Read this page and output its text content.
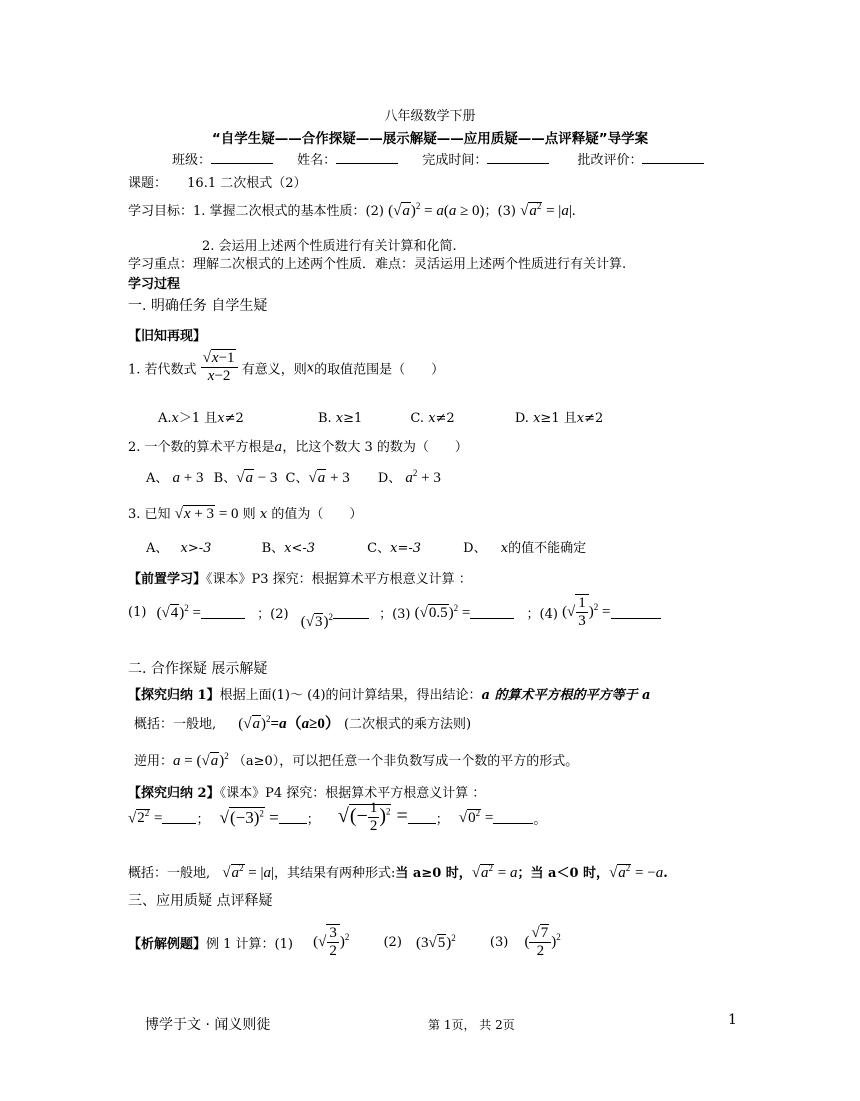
八年级数学下册
“自学生疑——合作探疑——展示解疑——应用质疑——点评释疑”导学案
班级：	姓名：	完成时间：	批改评价：
课题： 16.1 二次根式（2）
学习目标：1. 掌握二次根式的基本性质：(2) $(√a)^2 = a(a \ge 0)$；(3) $√a^2 = |a|$.
2. 会运用上述两个性质进行有关计算和化简.
学习重点：理解二次根式的上述两个性质．难点：灵活运用上述两个性质进行有关计算.
学习过程
一. 明确任务 自学生疑
【旧知再现】
1. 若代数式 $\frac{√x-1}{x-2}$ 有意义，则x的取值范围是（　　）
A.x＞1 且x≠2	B. x≥1	C. x≠2	D. x≥1 且x≠2
2. 一个数的算术平方根是a，比这个数大 3 的数为（　　）
A、 a + 3 B、√a − 3 C、√a + 3 D、 $a^2 + 3$
3. 已知 √x + 3 = 0 则 x 的值为（　　）
A、 x>-3	B、x<-3	C、x=-3	D、 x的值不能确定
【前置学习】《课本》P3 探究：根据算术平方根意义计算 ：
(1) $(√4)^2$ =	；(2) $(√3)^2$	；(3) $(√0.5)^2$ =	；(4) (√ $\frac{1}{3} )^2$ =
二. 合作探疑 展示解疑
【探究归纳 1】根据上面(1)～ (4)的问计算结果，得出结论：a 的算术平方根的平方等于 a
概括：一般地, $(√a)^2=a(a\ge 0)$ (二次根式的乘方法则)
逆用：$a = (√a)^2$ （a≥0），可以把任意一个非负数写成一个数的平方的形式。
【探究归纳 2】《课本》P4 探究：根据算术平方根意义计算 ：
$√2^2$ =	； $√(-3)^2$ = ； √(− $\frac{1}{2} )^2$ = ； $√0^2$ =	。
概括：一般地, $√a^2 = |a|$，其结果有两种形式:当 a≥0 时，$√a^2 = a$；当 a＜0 时，$√a^2 = -a$.
三、应用质疑 点评释疑
【析解例题】例 1 计算：(1) (√ $\frac{3}{2} )^2$	(2) $(3√5)^2$	(3) ( $\frac{√7}{2} )^2$
博学于文 · 闻义则徙	第 1页， 共 2页	1
